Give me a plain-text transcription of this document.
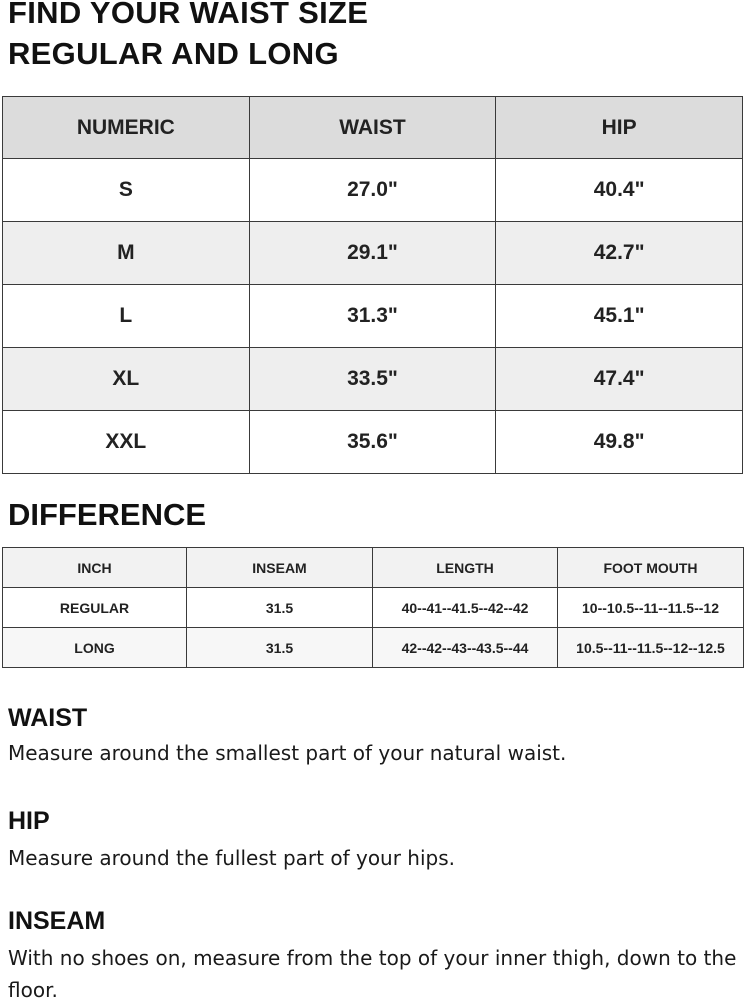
FIND YOUR WAIST SIZE
REGULAR AND LONG
NUMERIC	WAIST	HIP
S	27.0"	40.4"
M	29.1"	42.7"
L	31.3"	45.1"
XL	33.5"	47.4"
XXL	35.6"	49.8"
DIFFERENCE
INCH	INSEAM	LENGTH	FOOT MOUTH
REGULAR	31.5	40--41--41.5--42--42	10--10.5--11--11.5--12
LONG	31.5	42--42--43--43.5--44	10.5--11--11.5--12--12.5
WAIST

Measure around the smallest part of your natural waist.

HIP

Measure around the fullest part of your hips.

INSEAM

With no shoes on, measure from the top of your inner thigh, down to the floor.
